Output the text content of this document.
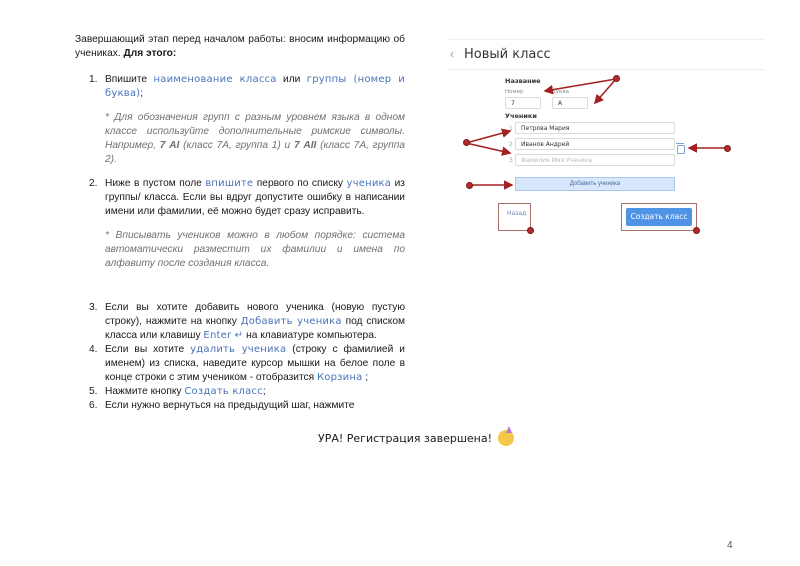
Завершающий этап перед началом работы: вносим информацию об учениках. Для этого:

1. Впишите наименование класса или группы (номер и буква);
* Для обозначения групп с разным уровнем языка в одном классе используйте дополнительные римские символы. Например, 7 AI (класс 7А, группа 1) и 7 AII (класс 7А, группа 2).
2. Ниже в пустом поле впишите первого по списку ученика из группы/ класса. Если вы вдруг допустите ошибку в написании имени или фамилии, её можно будет сразу исправить.
* Вписывать учеников можно в любом порядке: система автоматически разместит их фамилии и имена по алфавиту после создания класса.
3. Если вы хотите добавить нового ученика (новую пустую строку), нажмите на кнопку Добавить ученика под списком класса или клавишу Enter ↵ на клавиатуре компьютера.
4. Если вы хотите удалить ученика (строку с фамилией и именем) из списка, наведите курсор мышки на белое поле в конце строки с этим учеником - отобразится Корзина ;
5. Нажмите кнопку Создать класс;
6. Если нужно вернуться на предыдущий шаг, нажмите
‹ Новый класс
Название
Номер	Буква
7	А
Ученики
1	Петрова Мария
2	Иванов Андрей
3	Фамилия Имя Ученика
Добавить ученика
Назад	Создать класс
УРА! Регистрация завершена!
4
